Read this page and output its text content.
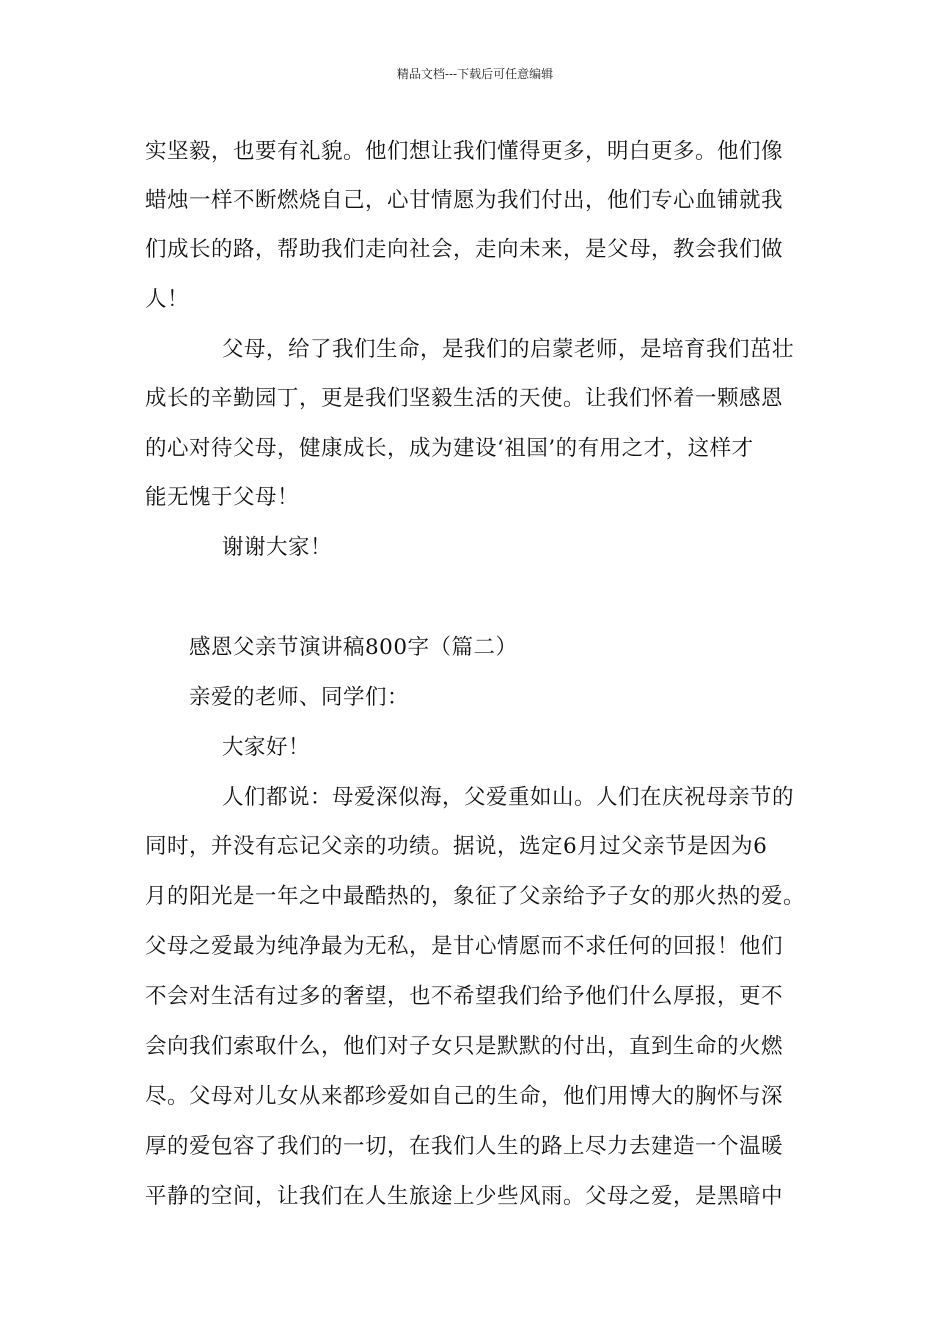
精品文档---下载后可任意编辑
实坚毅，也要有礼貌。他们想让我们懂得更多，明白更多。他们像
蜡烛一样不断燃烧自己，心甘情愿为我们付出，他们专心血铺就我
们成长的路，帮助我们走向社会，走向未来，是父母，教会我们做
人！
父母，给了我们生命，是我们的启蒙老师，是培育我们茁壮
成长的辛勤园丁，更是我们坚毅生活的天使。让我们怀着一颗感恩
的心对待父母，健康成长，成为建设‘祖国’的有用之才，这样才
能无愧于父母！
谢谢大家！
感恩父亲节演讲稿800字（篇二）
亲爱的老师、同学们：
大家好！
人们都说：母爱深似海，父爱重如山。人们在庆祝母亲节的
同时，并没有忘记父亲的功绩。据说，选定6月过父亲节是因为6
月的阳光是一年之中最酷热的，象征了父亲给予子女的那火热的爱。
父母之爱最为纯净最为无私，是甘心情愿而不求任何的回报！他们
不会对生活有过多的奢望，也不希望我们给予他们什么厚报，更不
会向我们索取什么，他们对子女只是默默的付出，直到生命的火燃
尽。父母对儿女从来都珍爱如自己的生命，他们用博大的胸怀与深
厚的爱包容了我们的一切，在我们人生的路上尽力去建造一个温暖
平静的空间，让我们在人生旅途上少些风雨。父母之爱，是黑暗中
